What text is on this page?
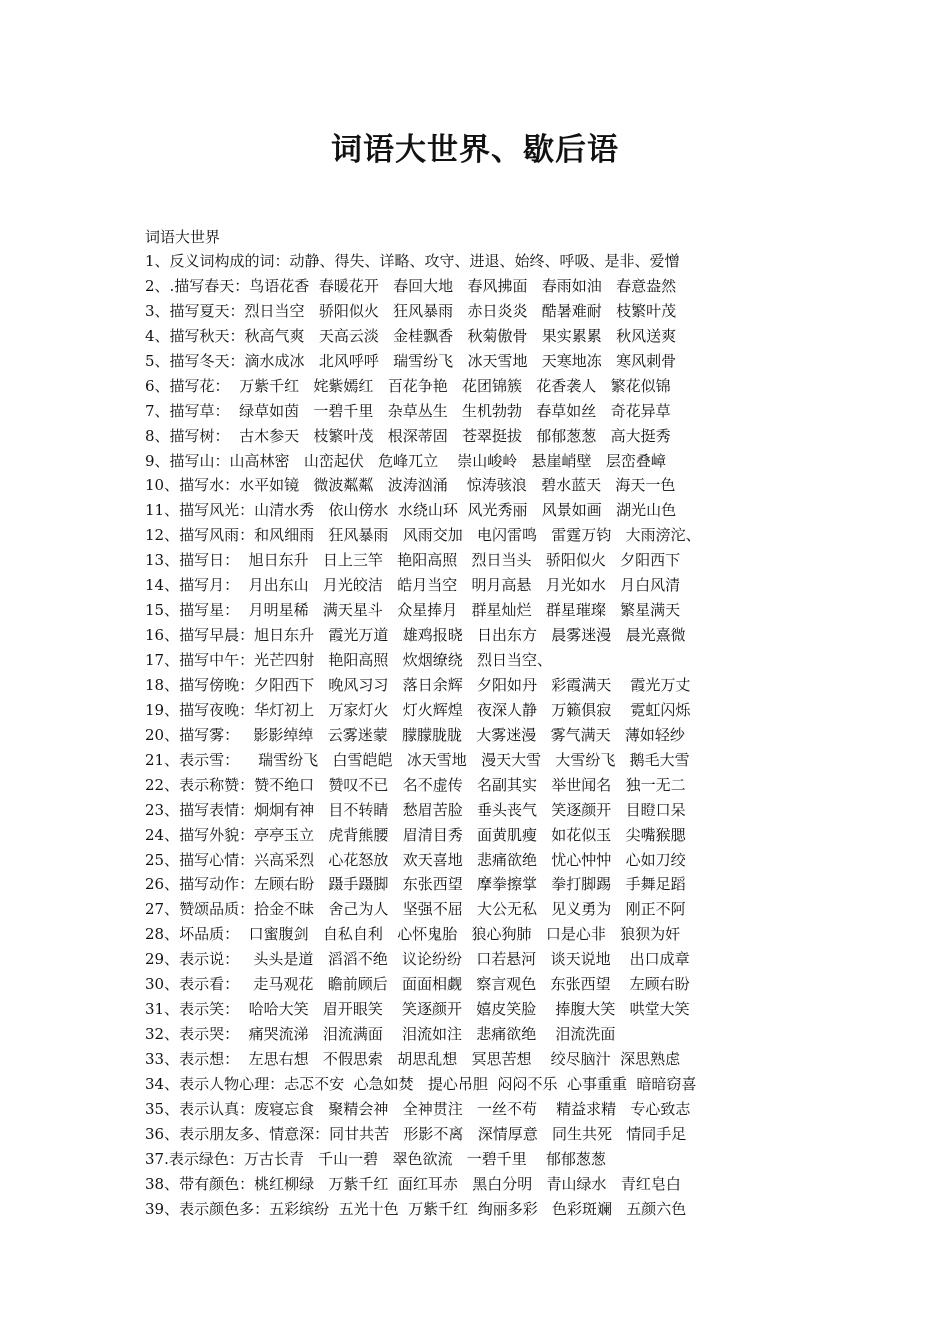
词语大世界、歇后语
词语大世界
1、反义词构成的词：动静、得失、详略、攻守、进退、始终、呼吸、是非、爱憎
2、.描写春天：鸟语花香  春暖花开   春回大地   春风拂面   春雨如油   春意盎然
3、描写夏天：烈日当空   骄阳似火   狂风暴雨   赤日炎炎   酷暑难耐   枝繁叶茂
4、描写秋天：秋高气爽   天高云淡   金桂飘香   秋菊傲骨   果实累累   秋风送爽
5、描写冬天：滴水成冰   北风呼呼   瑞雪纷飞   冰天雪地   天寒地冻   寒风刺骨
6、描写花：  万紫千红   姹紫嫣红   百花争艳   花团锦簇   花香袭人   繁花似锦
7、描写草：  绿草如茵   一碧千里   杂草丛生   生机勃勃   春草如丝   奇花异草
8、描写树：  古木参天   枝繁叶茂   根深蒂固   苍翠挺拔   郁郁葱葱   高大挺秀
9、描写山：山高林密   山峦起伏   危峰兀立    崇山峻岭   悬崖峭壁   层峦叠嶂
10、描写水：水平如镜   微波粼粼   波涛汹涌    惊涛骇浪   碧水蓝天   海天一色
11、描写风光：山清水秀   依山傍水  水绕山环  风光秀丽   风景如画   湖光山色
12、描写风雨：和风细雨   狂风暴雨   风雨交加   电闪雷鸣   雷霆万钧   大雨滂沱、
13、描写日：  旭日东升   日上三竿   艳阳高照   烈日当头   骄阳似火   夕阳西下
14、描写月：  月出东山   月光皎洁   皓月当空   明月高悬   月光如水   月白风清
15、描写星：  月明星稀   满天星斗   众星捧月   群星灿烂   群星璀璨   繁星满天
16、描写早晨：旭日东升   霞光万道   雄鸡报晓   日出东方   晨雾迷漫   晨光熹微
17、描写中午：光芒四射   艳阳高照   炊烟缭绕   烈日当空、
18、描写傍晚：夕阳西下   晚风习习   落日余辉   夕阳如丹   彩霞满天    霞光万丈
19、描写夜晚：华灯初上   万家灯火   灯火辉煌   夜深人静   万籁俱寂    霓虹闪烁
20、描写雾：   影影绰绰   云雾迷蒙   朦朦胧胧   大雾迷漫   雾气满天   薄如轻纱
21、表示雪：    瑞雪纷飞   白雪皑皑   冰天雪地   漫天大雪   大雪纷飞   鹅毛大雪
22、表示称赞：赞不绝口   赞叹不已   名不虚传   名副其实   举世闻名   独一无二
23、描写表情：炯炯有神   目不转睛   愁眉苦脸   垂头丧气   笑逐颜开   目瞪口呆
24、描写外貌：亭亭玉立   虎背熊腰   眉清目秀   面黄肌瘦   如花似玉   尖嘴猴腮
25、描写心情：兴高采烈   心花怒放   欢天喜地   悲痛欲绝   忧心忡忡   心如刀绞
26、描写动作：左顾右盼   蹑手蹑脚   东张西望   摩拳擦掌   拳打脚踢   手舞足蹈
27、赞颂品质：拾金不昧   舍己为人   坚强不屈   大公无私   见义勇为   刚正不阿
28、坏品质：  口蜜腹剑   自私自利   心怀鬼胎   狼心狗肺   口是心非   狼狈为奸
29、表示说：   头头是道   滔滔不绝   议论纷纷   口若悬河   谈天说地    出口成章
30、表示看：   走马观花   瞻前顾后   面面相觑   察言观色   东张西望    左顾右盼
31、表示笑：  哈哈大笑   眉开眼笑    笑逐颜开   嬉皮笑脸    捧腹大笑   哄堂大笑
32、表示哭：  痛哭流涕   泪流满面    泪流如注   悲痛欲绝    泪流洗面
33、表示想：  左思右想   不假思索   胡思乱想   冥思苦想    绞尽脑汁  深思熟虑
34、表示人物心理：忐忑不安  心急如焚   提心吊胆  闷闷不乐  心事重重  暗暗窃喜
35、表示认真：废寝忘食   聚精会神   全神贯注   一丝不苟    精益求精   专心致志
36、表示朋友多、情意深：同甘共苦   形影不离   深情厚意   同生共死   情同手足
37.表示绿色：万古长青   千山一碧   翠色欲流   一碧千里    郁郁葱葱
38、带有颜色：桃红柳绿   万紫千红  面红耳赤   黑白分明   青山绿水   青红皂白
39、表示颜色多：五彩缤纷  五光十色  万紫千红  绚丽多彩   色彩斑斓   五颜六色
